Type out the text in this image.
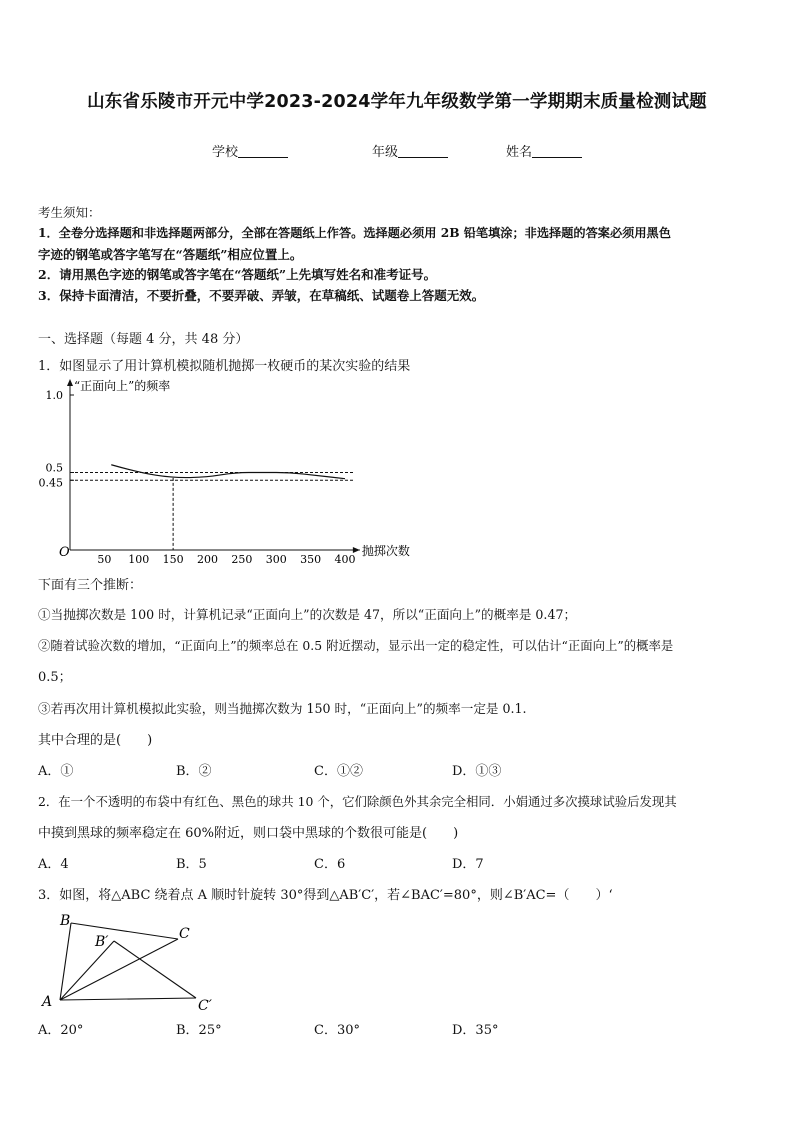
山东省乐陵市开元中学2023-2024学年九年级数学第一学期期末质量检测试题
学校	年级	姓名
考生须知：
1．全卷分选择题和非选择题两部分，全部在答题纸上作答。选择题必须用 2B 铅笔填涂；非选择题的答案必须用黑色
字迹的钢笔或答字笔写在“答题纸”相应位置上。
2．请用黑色字迹的钢笔或答字笔在“答题纸”上先填写姓名和准考证号。
3．保持卡面清洁，不要折叠，不要弄破、弄皱，在草稿纸、试题卷上答题无效。
一、选择题（每题 4 分，共 48 分）
1．如图显示了用计算机模拟随机抛掷一枚硬币的某次实验的结果
“正面向上”的频率
抛掷次数
O	50 100 150 200 250 300 350 400
0.45
0.5
1.0
下面有三个推断：
①当抛掷次数是 100 时，计算机记录“正面向上”的次数是 47，所以“正面向上”的概率是 0.47；
②随着试验次数的增加，“正面向上”的频率总在 0.5 附近摆动，显示出一定的稳定性，可以估计“正面向上”的概率是
0.5；
③若再次用计算机模拟此实验，则当抛掷次数为 150 时，“正面向上”的频率一定是 0.1.
其中合理的是(　　)
A．①	B．②	C．①②	D．①③
2．在一个不透明的布袋中有红色、黑色的球共 10 个，它们除颜色外其余完全相同．小娟通过多次摸球试验后发现其
中摸到黑球的频率稳定在 60%附近，则口袋中黑球的个数很可能是(　　)
A．4	B．5	C．6	D．7
3．如图，将△ABC 绕着点 A 顺时针旋转 30°得到△AB′C′，若∠BAC′=80°，则∠B′AC=（　　）‘
A
B
C
B′
C′
A．20°	B．25°	C．30°	D．35°
